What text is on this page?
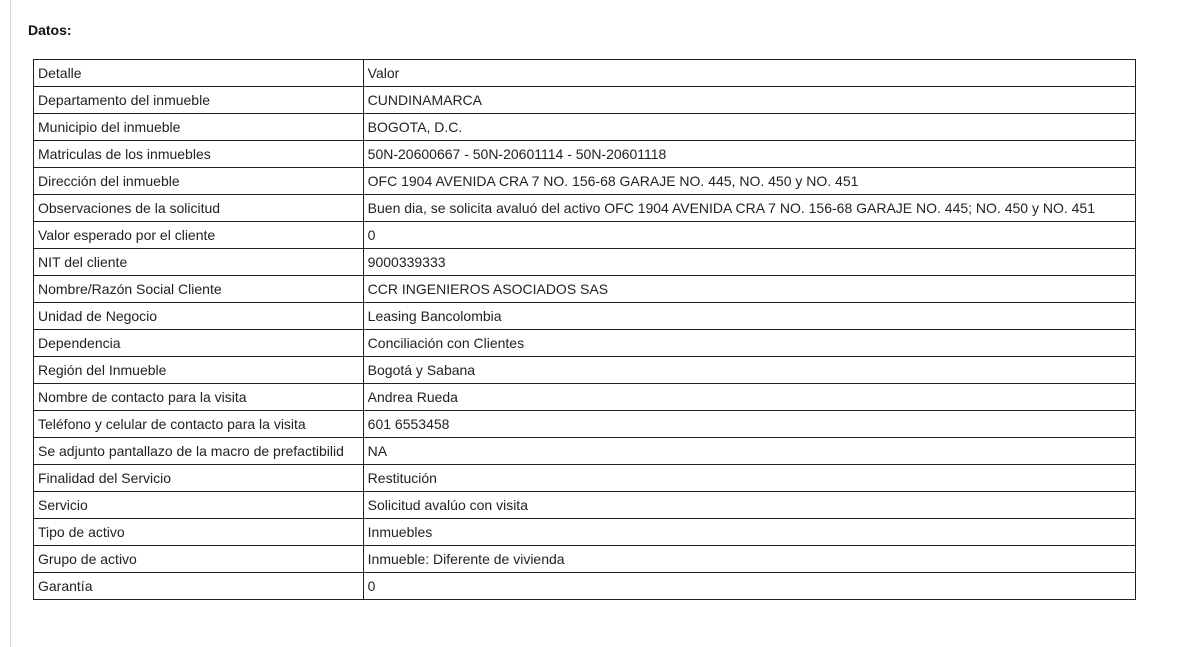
Datos:
Detalle	Valor
Departamento del inmueble	CUNDINAMARCA
Municipio del inmueble	BOGOTA, D.C.
Matriculas de los inmuebles	50N-20600667 - 50N-20601114 - 50N-20601118
Dirección del inmueble	OFC 1904 AVENIDA CRA 7 NO. 156-68 GARAJE NO. 445, NO. 450 y NO. 451
Observaciones de la solicitud	Buen dia, se solicita avaluó del activo OFC 1904 AVENIDA CRA 7 NO. 156-68 GARAJE NO. 445; NO. 450 y NO. 451
Valor esperado por el cliente	0
NIT del cliente	9000339333
Nombre/Razón Social Cliente	CCR INGENIEROS ASOCIADOS SAS
Unidad de Negocio	Leasing Bancolombia
Dependencia	Conciliación con Clientes
Región del Inmueble	Bogotá y Sabana
Nombre de contacto para la visita	Andrea Rueda
Teléfono y celular de contacto para la visita	601 6553458
Se adjunto pantallazo de la macro de prefactibilid	NA
Finalidad del Servicio	Restitución
Servicio	Solicitud avalúo con visita
Tipo de activo	Inmuebles
Grupo de activo	Inmueble: Diferente de vivienda
Garantía	0
